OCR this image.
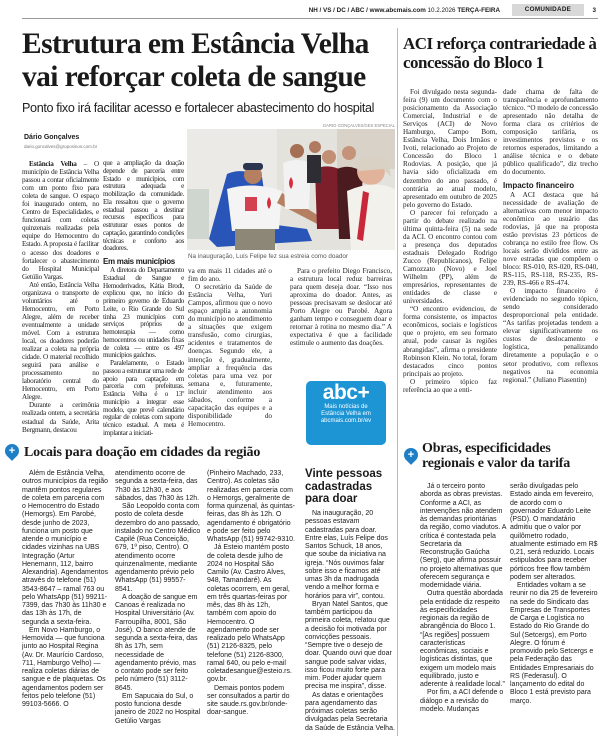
NH / VS / DC / ABC / www.abcmais.com 10.2.2026 TERÇA-FEIRA	COMUNIDADE	3
Estrutura em Estância Velha
vai reforçar coleta de sangue
Ponto fixo irá facilitar acesso e fortalecer abastecimento do hospital
Dário Gonçalves
dario.goncalves@gruposinos.com.br

Estância Velha – O município de Estância Velha passou a contar oficialmente com um ponto fixo para coleta de sangue. O espaço foi inaugurado ontem, no Centro de Especialidades, e funcionará com coletas quinzenais realizadas pela equipe do Hemocentro do Estado. A proposta é facilitar o acesso dos doadores e fortalecer o abastecimento do Hospital Municipal Getúlio Vargas.

Até então, Estância Velha organizava o transporte de voluntários até o Hemocentro, em Porto Alegre, além de receber eventualmente a unidade móvel. Com a estrutura local, os doadores poderão realizar a coleta na própria cidade. O material recolhido seguirá para análise e processamento no laboratório central do Hemocentro, em Porto Alegre.

Durante a cerimônia realizada ontem, a secretária estadual da Saúde, Arita Bergmann, destacou

que a ampliação da doação depende de parceria entre Estado e municípios, com estrutura adequada e mobilização da comunidade. Ela ressaltou que o governo estadual passou a destinar recursos específicos para estruturar esses pontos de captação, garantindo condições técnicas e conforto aos doadores.

Em mais municípios

A diretora do Departamento Estadual de Sangue e Hemoderivados, Kátia Brodt, explicou que, no início do primeiro governo de Eduardo Leite, o Rio Grande do Sul tinha 23 municípios com serviços próprios de hemoterapia — como hemocentros ou unidades fixas de coleta — entre os 497 municípios gaúchos.

Paralelamente, o Estado passou a estruturar uma rede de apoio para captação em parceria com prefeituras. Estância Velha é o 13º município a integrar esse modelo, que prevê calendário regular de coletas com suporte técnico estadual. A meta é implantar a iniciati-

DARIO GONÇALVES/GES ESPECIAL
Na inauguração, Luís Felipe fez sua estreia como doador

va em mais 11 cidades até o fim do ano.

O secretário da Saúde de Estância Velha, Yuri Campos, afirmou que o novo espaço amplia a autonomia do município no atendimento a situações que exigem transfusão, como cirurgias, acidentes e tratamentos de doenças. Segundo ele, a intenção é, gradualmente, ampliar a frequência das coletas para uma vez por semana e, futuramente, incluir atendimento aos sábados, conforme a capacitação das equipes e a disponibilidade do Hemocentro.

Para o prefeito Diego Francisco, a estrutura local reduz barreiras para quem deseja doar. “Isso nos aproxima do doador. Antes, as pessoas precisavam se deslocar até Porto Alegre ou Parobé. Agora ganham tempo e conseguem doar e retornar à rotina no mesmo dia.” A expectativa é que a facilidade estimule o aumento das doações.

abc+
Mais notícias de
Estância Velha em
abcmais.com.br/ev
+ Locais para doação em cidades da região

Além de Estância Velha, outros municípios da região mantêm pontos regulares de coleta em parceria com o Hemocentro do Estado (Hemorgs). Em Parobé, desde junho de 2023, funciona um posto que atende o município e cidades vizinhas na UBS Integração (Artur Henemann, 112, bairro Alexandria). Agendamentos através do telefone (51) 3543-8647 – ramal 763 ou pelo WhatsApp (51) 99211-7399, das 7h30 às 11h30 e das 13h às 17h, de segunda a sexta-feira.

Em Novo Hamburgo, o Hemovida — que funciona junto ao Hospital Regina (Av. Dr. Maurício Cardoso, 711, Hamburgo Velho) — realiza coletas diárias de sangue e de plaquetas. Os agendamentos podem ser feitos pelo telefone (51) 99103-5666. O

atendimento ocorre de segunda a sexta-feira, das 7h30 às 12h30, e aos sábados, das 7h30 às 12h.

São Leopoldo conta com posto de coleta desde dezembro do ano passado, instalado no Centro Médico Capilé (Rua Conceição, 679, 1º piso, Centro). O atendimento ocorre quinzenalmente, mediante agendamento prévio pelo WhatsApp (51) 99557-8541.

A doação de sangue em Canoas é realizada no Hospital Universitário (Av. Farroupilha, 8001, São José). O banco atende de segunda a sexta-feira, das 8h às 17h, sem necessidade de agendamento prévio, mas o contato pode ser feito pelo número (51) 3112-8645.

Em Sapucaia do Sul, o posto funciona desde janeiro de 2022 no Hospital Getúlio Vargas

(Pinheiro Machado, 233, Centro). As coletas são realizadas em parceria com o Hemorgs, geralmente de forma quinzenal, às quintas-feiras, das 8h às 12h. O agendamento é obrigatório e pode ser feito pelo WhatsApp (51) 99742-9310.

Já Esteio mantém posto de coleta desde julho de 2024 no Hospital São Camilo (Av. Castro Alves, 948, Tamandaré). As coletas ocorrem, em geral, em três quartas-feiras por mês, das 8h às 12h, também com apoio do Hemocentro. O agendamento pode ser realizado pelo WhatsApp (51) 2126-8325, pelo telefone (51) 2126-8300, ramal 640, ou pelo e-mail coletadesangue@esteio.rs.gov.br.

Demais pontos podem ser consultados a partir do site saude.rs.gov.br/onde-doar-sangue.

Vinte pessoas cadastradas para doar

Na inauguração, 20 pessoas estavam cadastradas para doar. Entre elas, Luís Felipe dos Santos Schuck, 18 anos, que soube da iniciativa na igreja. “Nós ouvimos falar sobre isso e ficamos até umas 3h da madrugada vendo a melhor forma e horários para vir”, contou.

Bryan Natel Santos, que também participou da primeira coleta, relatou que a decisão foi motivada por convicções pessoais. “Sempre tive o desejo de doar. Quando ouvi que doar sangue pode salvar vidas, isso ficou muito forte para mim. Poder ajudar quem precisa me inspira”, disse.

As datas e orientações para agendamento das próximas coletas serão divulgadas pela Secretaria da Saúde de Estância Velha.

ACI reforça contrariedade à concessão do Bloco 1

Foi divulgado nesta segunda-feira (9) um documento com o posicionamento da Associação Comercial, Industrial e de Serviços (ACI) de Novo Hamburgo, Campo Bom, Estância Velha, Dois Irmãos e Ivoti, relacionado ao Projeto de Concessão do Bloco 1 Rodovias. A posição, que já havia sido oficializada em dezembro do ano passado, é contrária ao atual modelo, apresentado em outubro de 2025 pelo governo do Estado.

O parecer foi reforçado a partir do debate realizado na última quinta-feira (5) na sede da ACI. O encontro contou com a presença dos deputados estaduais Delegado Rodrigo Zucco (Republicanos), Felipe Camozzato (Novo) e Joel Wilhelm (PP), além de empresários, representantes de entidades de classe e universidades.

“O encontro evidenciou, de forma consistente, os impactos econômicos, sociais e logísticos que o projeto, em seu formato atual, pode causar às regiões abrangidas”, afirma o presidente Robinson Klein. No total, foram destacados cinco pontos principais ao projeto.

O primeiro tópico faz referência ao que a enti-

dade chama de falta de transparência e aprofundamento técnico. “O modelo de concessão apresentado não detalha de forma clara os critérios de composição tarifária, os investimentos previstos e os retornos esperados, limitando a análise técnica e o debate público qualificado”, diz trecho do documento.

Impacto financeiro

A ACI destaca que há necessidade de avaliação de alternativas com menor impacto econômico ao usuário das rodovias, já que na proposta estão previstas 23 pórticos de cobrança no estilo free flow. Os locais serão divididos entre as nove estradas que compõem o bloco: RS-010, RS-020, RS-040, RS-115, RS-118, RS-235, RS-239, RS-466 e RS-474.

O impacto financeiro é evidenciado no segundo tópico, sendo considerado desproporcional pela entidade. “As tarifas projetadas tendem a elevar significativamente os custos de deslocamento e logística, penalizando diretamente a população e o setor produtivo, com reflexos negativos na economia regional.” (Juliano Piasentin)

+ Obras, especificidades regionais e valor da tarifa

Já o terceiro ponto aborda as obras previstas. Conforme a ACI, as intervenções não atendem às demandas prioritárias da região, como viadutos. A crítica é contestada pela Secretaria da Reconstrução Gaúcha (Serg), que afirma possuir no projeto alternativas que oferecem segurança e modernidade viária.

Outra questão abordada pela entidade diz respeito às especificidades regionais da região de abrangência do Bloco 1. “[As regiões] possuem características econômicas, sociais e logísticas distintas, que exigem um modelo mais equilibrado, justo e aderente à realidade local.”

Por fim, a ACI defende o diálogo e a revisão do modelo. Mudanças

serão divulgadas pelo Estado ainda em fevereiro, de acordo com o governador Eduardo Leite (PSD). O mandatário admitiu que o valor por quilômetro rodado, atualmente estimado em R$ 0,21, será reduzido. Locais estipulados para receber pórticos free flow também podem ser alterados.

Entidades voltam a se reunir no dia 25 de fevereiro na sede do Sindicato das Empresas de Transportes de Carga e Logística no Estado do Rio Grande do Sul (Setcergs), em Porto Alegre. O fórum é promovido pelo Setcergs e pela Federação das Entidades Empresariais do RS (Federasul). O lançamento do edital do Bloco 1 está previsto para março.
